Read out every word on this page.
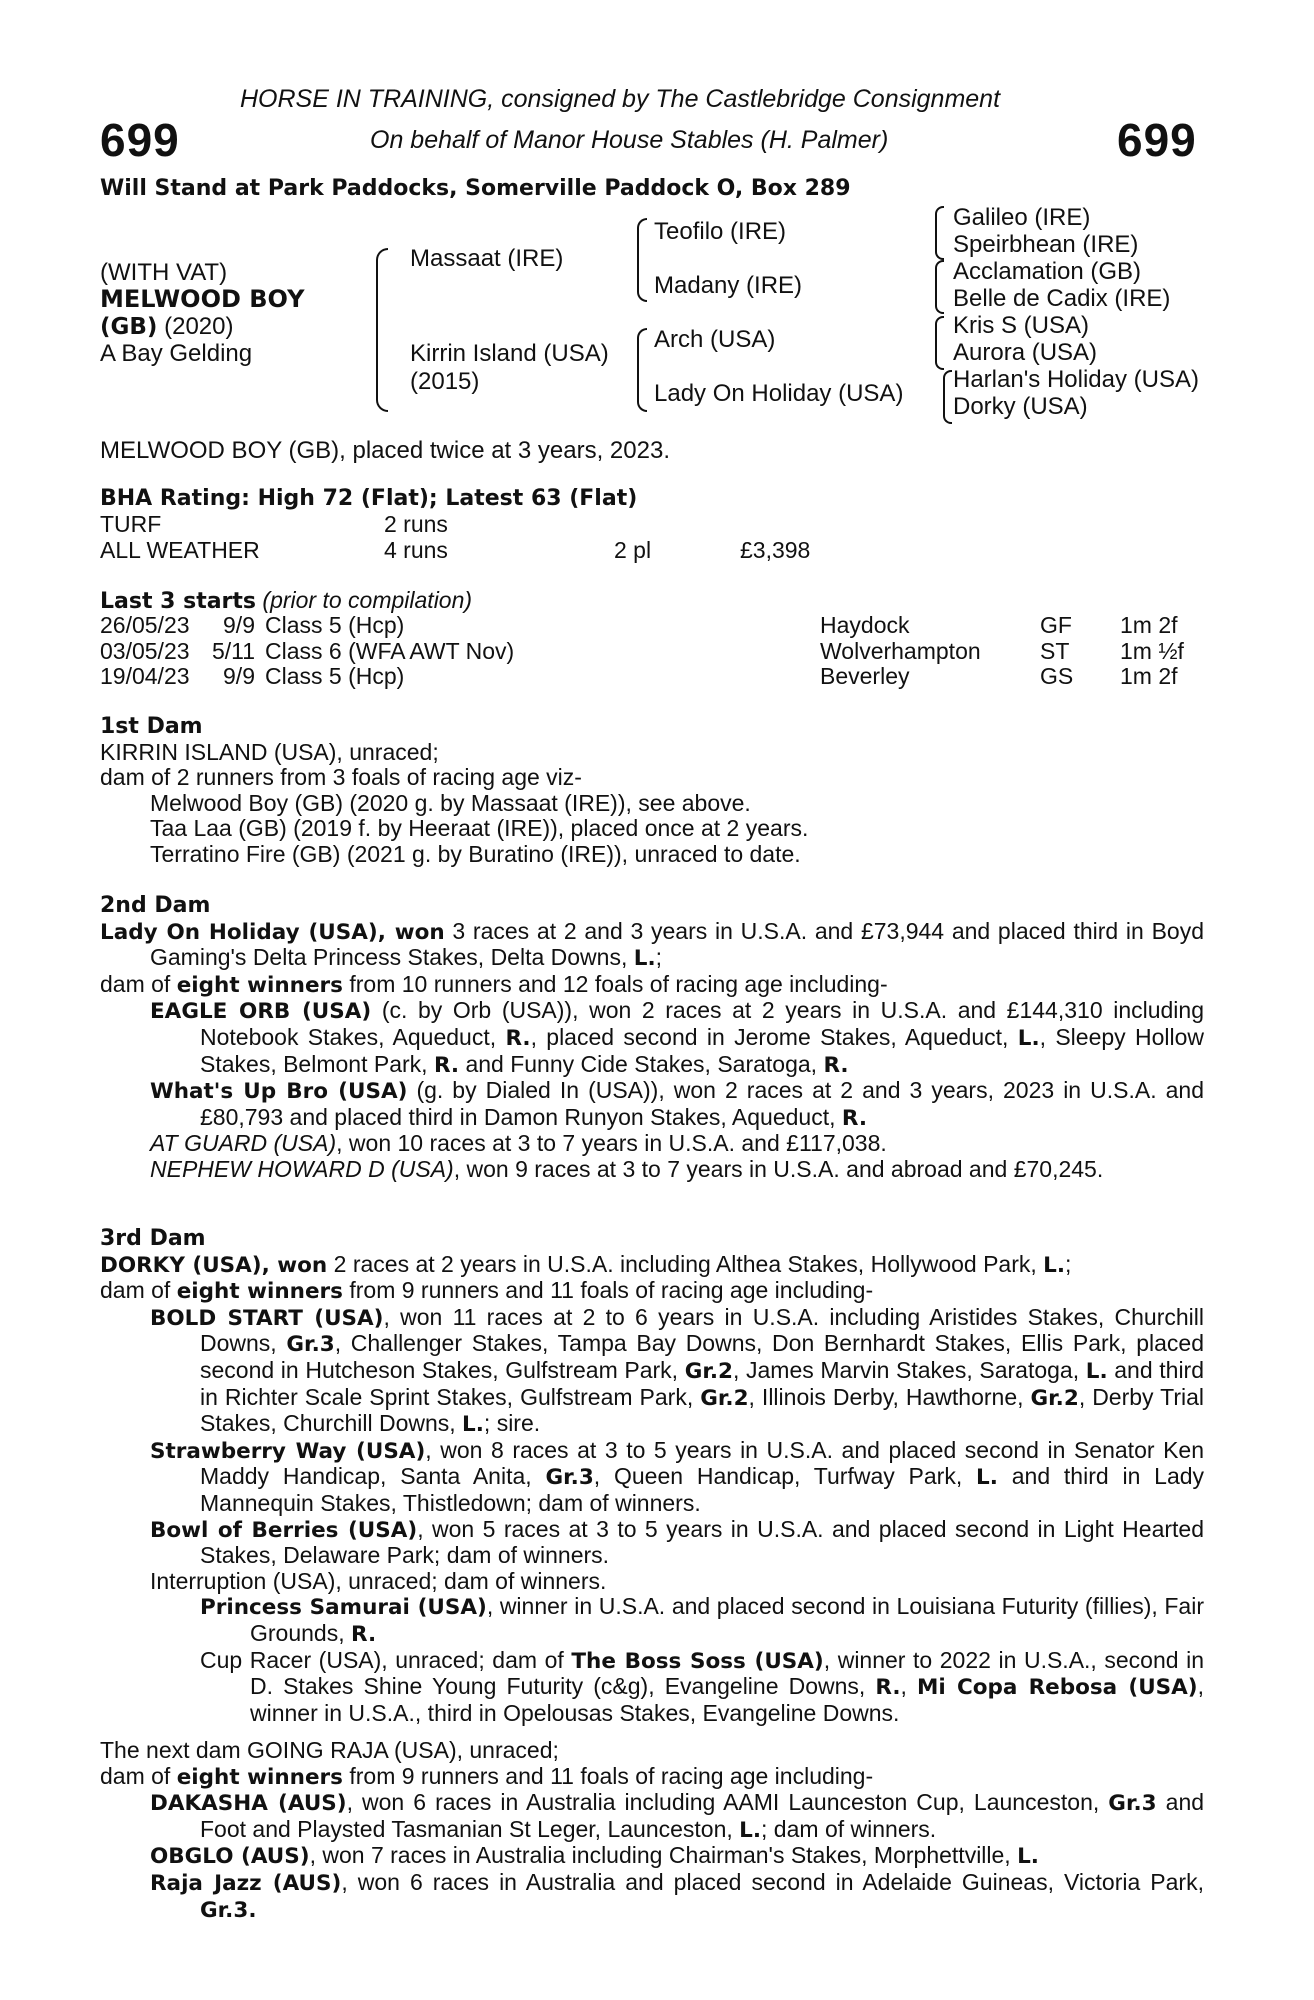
HORSE IN TRAINING, consigned by The Castlebridge Consignment
On behalf of Manor House Stables (H. Palmer)
699	699
Will Stand at Park Paddocks, Somerville Paddock O, Box 289
(WITH VAT)
MELWOOD BOY
(GB) (2020)
A Bay Gelding
Massaat (IRE)
Kirrin Island (USA)
(2015)
Teofilo (IRE)
Madany (IRE)
Arch (USA)
Lady On Holiday (USA)
Galileo (IRE)
Speirbhean (IRE)
Acclamation (GB)
Belle de Cadix (IRE)
Kris S (USA)
Aurora (USA)
Harlan's Holiday (USA)
Dorky (USA)
MELWOOD BOY (GB), placed twice at 3 years, 2023.
BHA Rating: High 72 (Flat); Latest 63 (Flat)
TURF	2 runs		
ALL WEATHER	4 runs	2 pl	£3,398
Last 3 starts (prior to compilation)
26/05/23	9/9	Class 5 (Hcp)	Haydock	GF	1m 2f
03/05/23	5/11	Class 6 (WFA AWT Nov)	Wolverhampton	ST	1m ½f
19/04/23	9/9	Class 5 (Hcp)	Beverley	GS	1m 2f

1st Dam

KIRRIN ISLAND (USA), unraced;

dam of 2 runners from 3 foals of racing age viz-

Melwood Boy (GB) (2020 g. by Massaat (IRE)), see above.

Taa Laa (GB) (2019 f. by Heeraat (IRE)), placed once at 2 years.

Terratino Fire (GB) (2021 g. by Buratino (IRE)), unraced to date.

2nd Dam

Lady On Holiday (USA), won 3 races at 2 and 3 years in U.S.A. and £73,944 and placed third in Boyd Gaming's Delta Princess Stakes, Delta Downs, L.;

dam of eight winners from 10 runners and 12 foals of racing age including-

EAGLE ORB (USA) (c. by Orb (USA)), won 2 races at 2 years in U.S.A. and £144,310 including Notebook Stakes, Aqueduct, R., placed second in Jerome Stakes, Aqueduct, L., Sleepy Hollow Stakes, Belmont Park, R. and Funny Cide Stakes, Saratoga, R.

What's Up Bro (USA) (g. by Dialed In (USA)), won 2 races at 2 and 3 years, 2023 in U.S.A. and £80,793 and placed third in Damon Runyon Stakes, Aqueduct, R.

AT GUARD (USA), won 10 races at 3 to 7 years in U.S.A. and £117,038.

NEPHEW HOWARD D (USA), won 9 races at 3 to 7 years in U.S.A. and abroad and £70,245.

3rd Dam

DORKY (USA), won 2 races at 2 years in U.S.A. including Althea Stakes, Hollywood Park, L.;

dam of eight winners from 9 runners and 11 foals of racing age including-

BOLD START (USA), won 11 races at 2 to 6 years in U.S.A. including Aristides Stakes, Churchill Downs, Gr.3, Challenger Stakes, Tampa Bay Downs, Don Bernhardt Stakes, Ellis Park, placed second in Hutcheson Stakes, Gulfstream Park, Gr.2, James Marvin Stakes, Saratoga, L. and third in Richter Scale Sprint Stakes, Gulfstream Park, Gr.2, Illinois Derby, Hawthorne, Gr.2, Derby Trial Stakes, Churchill Downs, L.; sire.

Strawberry Way (USA), won 8 races at 3 to 5 years in U.S.A. and placed second in Senator Ken Maddy Handicap, Santa Anita, Gr.3, Queen Handicap, Turfway Park, L. and third in Lady Mannequin Stakes, Thistledown; dam of winners.

Bowl of Berries (USA), won 5 races at 3 to 5 years in U.S.A. and placed second in Light Hearted Stakes, Delaware Park; dam of winners.

Interruption (USA), unraced; dam of winners.

Princess Samurai (USA), winner in U.S.A. and placed second in Louisiana Futurity (fillies), Fair Grounds, R.

Cup Racer (USA), unraced; dam of The Boss Soss (USA), winner to 2022 in U.S.A., second in D. Stakes Shine Young Futurity (c&g), Evangeline Downs, R., Mi Copa Rebosa (USA), winner in U.S.A., third in Opelousas Stakes, Evangeline Downs.

The next dam GOING RAJA (USA), unraced;

dam of eight winners from 9 runners and 11 foals of racing age including-

DAKASHA (AUS), won 6 races in Australia including AAMI Launceston Cup, Launceston, Gr.3 and Foot and Playsted Tasmanian St Leger, Launceston, L.; dam of winners.

OBGLO (AUS), won 7 races in Australia including Chairman's Stakes, Morphettville, L.

Raja Jazz (AUS), won 6 races in Australia and placed second in Adelaide Guineas, Victoria Park, Gr.3.
